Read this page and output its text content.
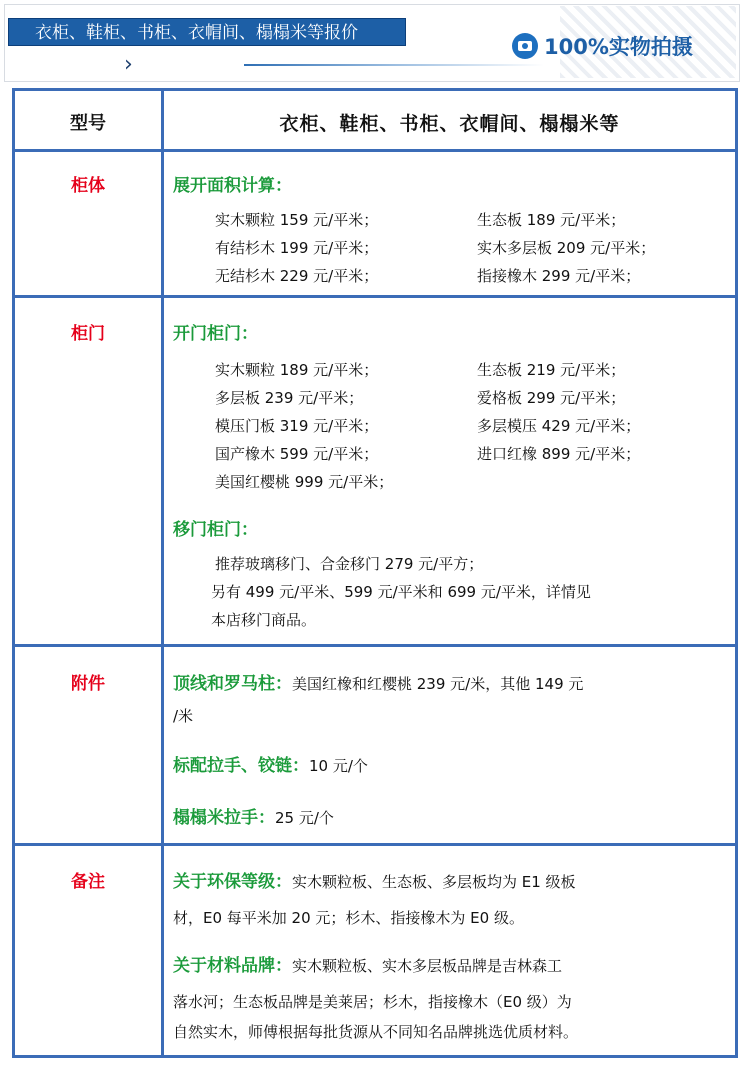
衣柜、鞋柜、书柜、衣帽间、榻榻米等报价
›
100%实物拍摄
型号	衣柜、鞋柜、书柜、衣帽间、榻榻米等
柜体	展开面积计算：
实木颗粒 159 元/平米；	生态板 189 元/平米；
有结杉木 199 元/平米；	实木多层板 209 元/平米；
无结杉木 229 元/平米；	指接橡木 299 元/平米；
柜门	开门柜门：
实木颗粒 189 元/平米；	生态板 219 元/平米；
多层板 239 元/平米；	爱格板 299 元/平米；
模压门板 319 元/平米；	多层模压 429 元/平米；
国产橡木 599 元/平米；	进口红橡 899 元/平米；
美国红樱桃 999 元/平米；
移门柜门：
推荐玻璃移门、合金移门 279 元/平方；
另有 499 元/平米、599 元/平米和 699 元/平米，详情见
本店移门商品。
附件	顶线和罗马柱：美国红橡和红樱桃 239 元/米，其他 149 元
/米
标配拉手、铰链：10 元/个
榻榻米拉手：25 元/个
备注	关于环保等级：实木颗粒板、生态板、多层板均为 E1 级板
材，E0 每平米加 20 元；杉木、指接橡木为 E0 级。
关于材料品牌：实木颗粒板、实木多层板品牌是吉林森工
落水河；生态板品牌是美莱居；杉木，指接橡木（E0 级）为
自然实木，师傅根据每批货源从不同知名品牌挑选优质材料。
